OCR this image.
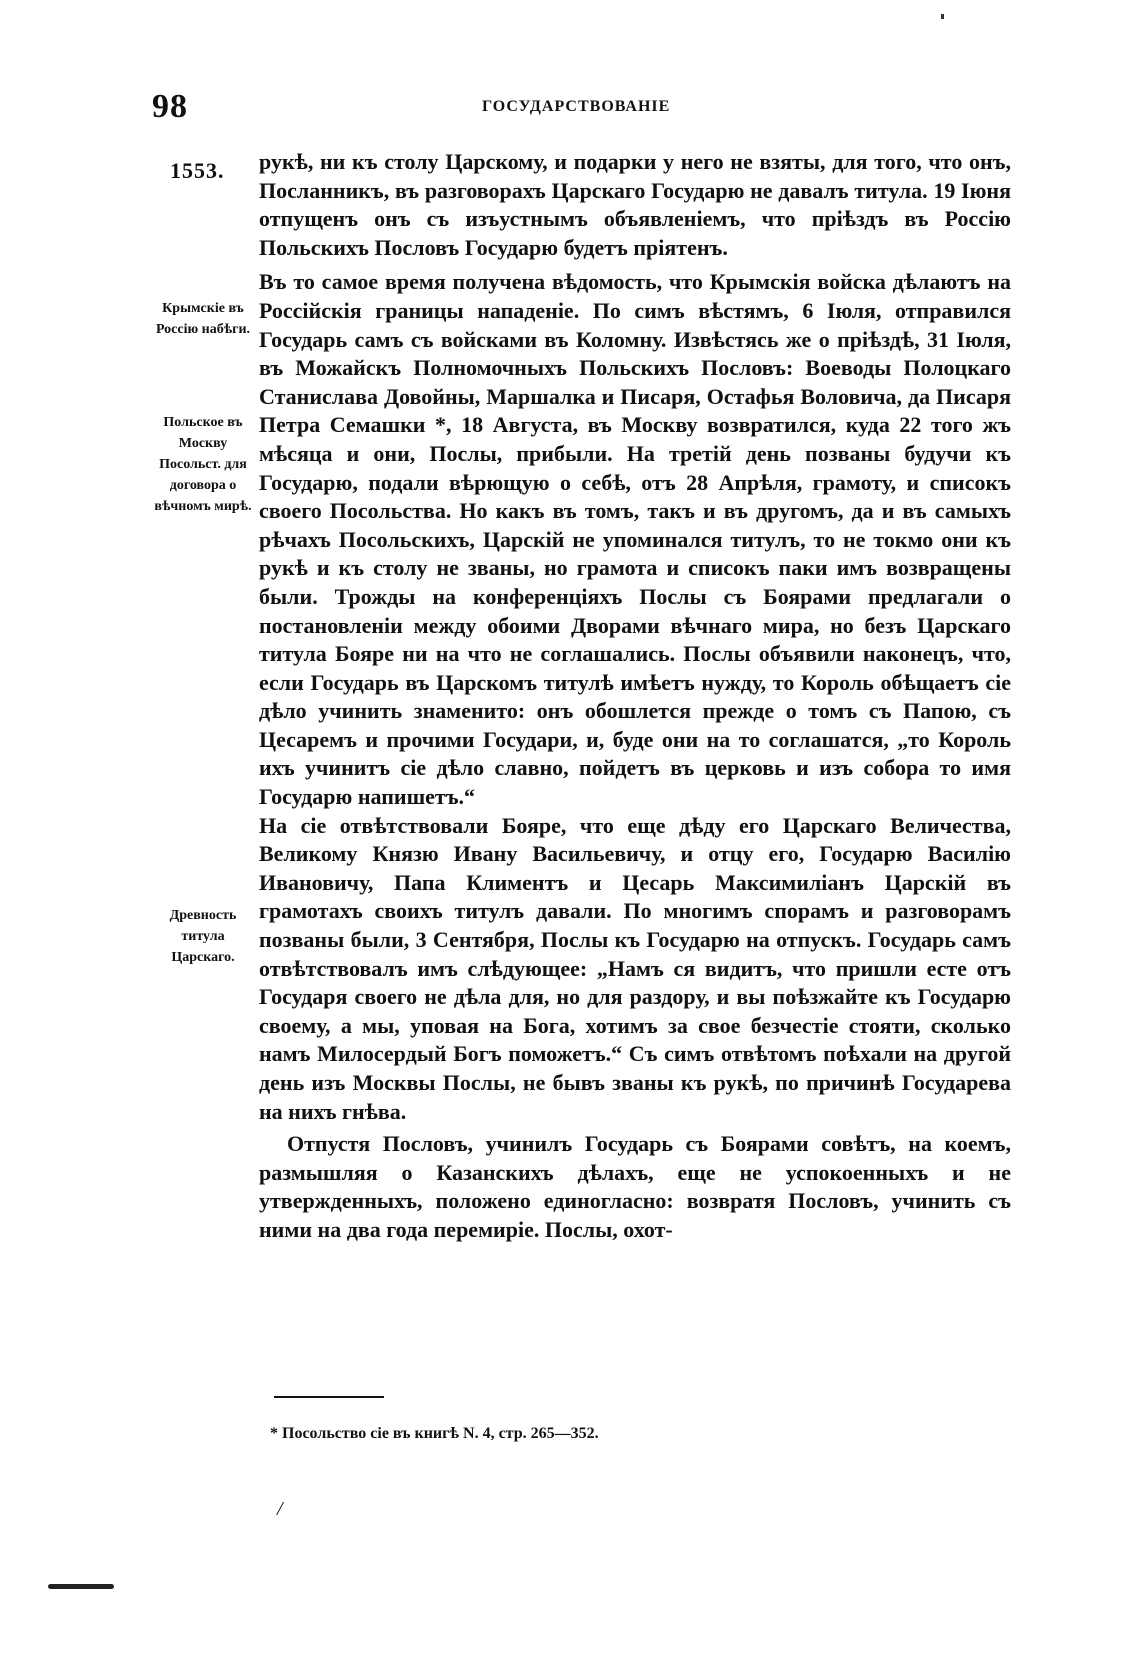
98	ГОСУДАРСТВОВАНІЕ
1553.
Крымскіе въ Россію набѣги.
Польское въ Москву Посольст. для договора о вѣчномъ мирѣ.
Древность титула Царскаго.

рукѣ, ни къ столу Царскому, и подарки у него не взяты, для того, что онъ, Посланникъ, въ разговорахъ Царскаго Государю не давалъ титула. 19 Іюня отпущенъ онъ съ изъустнымъ объявленіемъ, что пріѣздъ въ Россію Польскихъ Пословъ Государю будетъ пріятенъ.

Въ то самое время получена вѣдомость, что Крымскія войска дѣлаютъ на Россійскія границы нападеніе. По симъ вѣстямъ, 6 Іюля, отправился Государь самъ съ войсками въ Коломну. Извѣстясь же о пріѣздѣ, 31 Іюля, въ Можайскъ Полномочныхъ Польскихъ Пословъ: Воеводы Полоцкаго Станислава Довойны, Маршалка и Писаря, Остафья Воловича, да Писаря Петра Семашки *, 18 Августа, въ Москву возвратился, куда 22 того жъ мѣсяца и они, Послы, прибыли. На третій день позваны будучи къ Государю, подали вѣрющую о себѣ, отъ 28 Апрѣля, грамоту, и списокъ своего Посольства. Но какъ въ томъ, такъ и въ другомъ, да и въ самыхъ рѣчахъ Посольскихъ, Царскій не упоминался титулъ, то не токмо они къ рукѣ и къ столу не званы, но грамота и списокъ паки имъ возвращены были. Трожды на конференціяхъ Послы съ Боярами предлагали о постановленіи между обоими Дворами вѣчнаго мира, но безъ Царскаго титула Бояре ни на что не соглашались. Послы объявили наконецъ, что, если Государь въ Царскомъ титулѣ имѣетъ нужду, то Король обѣщаетъ сіе дѣло учинить знаменито: онъ обошлется прежде о томъ съ Папою, съ Цесаремъ и прочими Государи, и, буде они на то соглашатся, „то Король ихъ учинитъ сіе дѣло славно, пойдетъ въ церковь и изъ собора то имя Государю напишетъ.“

На сіе отвѣтствовали Бояре, что еще дѣду его Царскаго Величества, Великому Князю Ивану Васильевичу, и отцу его, Государю Василію Ивановичу, Папа Климентъ и Цесарь Максимиліанъ Царскій въ грамотахъ своихъ титулъ давали. По многимъ спорамъ и разговорамъ позваны были, 3 Сентября, Послы къ Государю на отпускъ. Государь самъ отвѣтствовалъ имъ слѣдующее: „Намъ ся видитъ, что пришли есте отъ Государя своего не дѣла для, но для раздору, и вы поѣзжайте къ Государю своему, а мы, уповая на Бога, хотимъ за свое безчестіе стояти, сколько намъ Милосердый Богъ поможетъ.“ Съ симъ отвѣтомъ поѣхали на другой день изъ Москвы Послы, не бывъ званы къ рукѣ, по причинѣ Государева на нихъ гнѣва.

Отпустя Пословъ, учинилъ Государь съ Боярами совѣтъ, на коемъ, размышляя о Казанскихъ дѣлахъ, еще не успокоенныхъ и не утвержденныхъ, положено единогласно: возвратя Пословъ, учинить съ ними на два года перемиріе. Послы, охот-

* Посольство сіе въ книгѣ N. 4, стр. 265—352.
/
